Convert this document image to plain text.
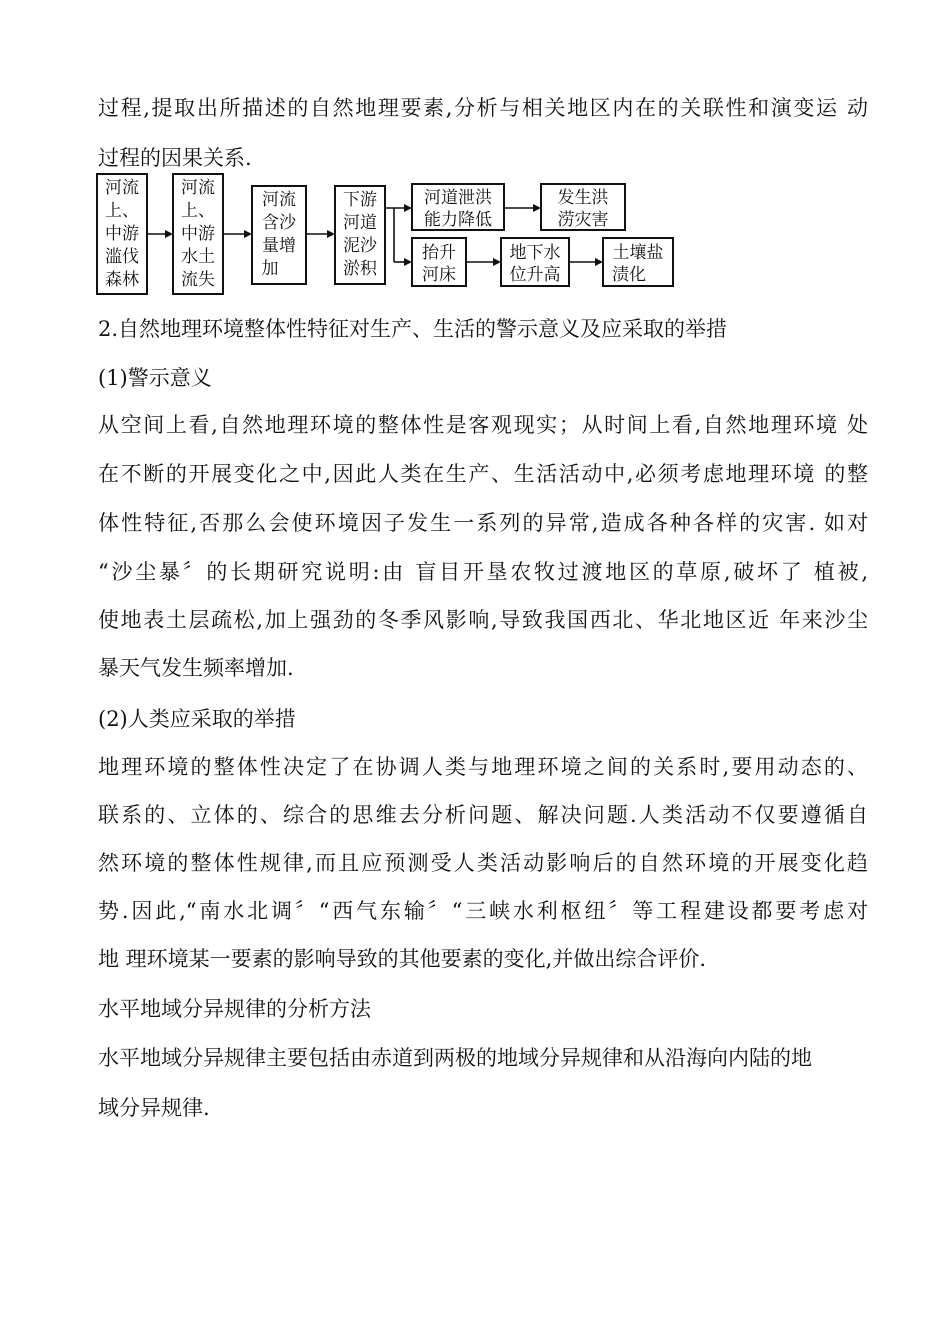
过程,提取出所描述的自然地理要素,分析与相关地区内在的关联性和演变运 动
过程的因果关系.
河流
上、
中游
滥伐
森林
河流
上、
中游
水土
流失
河流
含沙
量增
加
下游
河道
泥沙
淤积
河道泄洪
能力降低
发生洪
涝灾害
抬升
河床
地下水
位升高
土壤盐
渍化
2.自然地理环境整体性特征对生产、生活的警示意义及应采取的举措
(1)警示意义
从空间上看,自然地理环境的整体性是客观现实；从时间上看,自然地理环境 处
在不断的开展变化之中,因此人类在生产、生活活动中,必须考虑地理环境 的整
体性特征,否那么会使环境因子发生一系列的异常,造成各种各样的灾害. 如对
“沙尘暴〞的长期研究说明:由 盲目开垦农牧过渡地区的草原,破坏了 植被,
使地表土层疏松,加上强劲的冬季风影响,导致我国西北、华北地区近 年来沙尘
暴天气发生频率增加.
(2)人类应采取的举措
地理环境的整体性决定了在协调人类与地理环境之间的关系时,要用动态的、
联系的、立体的、综合的思维去分析问题、解决问题.人类活动不仅要遵循自
然环境的整体性规律,而且应预测受人类活动影响后的自然环境的开展变化趋
势.因此,“南水北调〞“西气东输〞“三峡水利枢纽〞等工程建设都要考虑对
地 理环境某一要素的影响导致的其他要素的变化,并做出综合评价.
水平地域分异规律的分析方法
水平地域分异规律主要包括由赤道到两极的地域分异规律和从沿海向内陆的地
域分异规律.
